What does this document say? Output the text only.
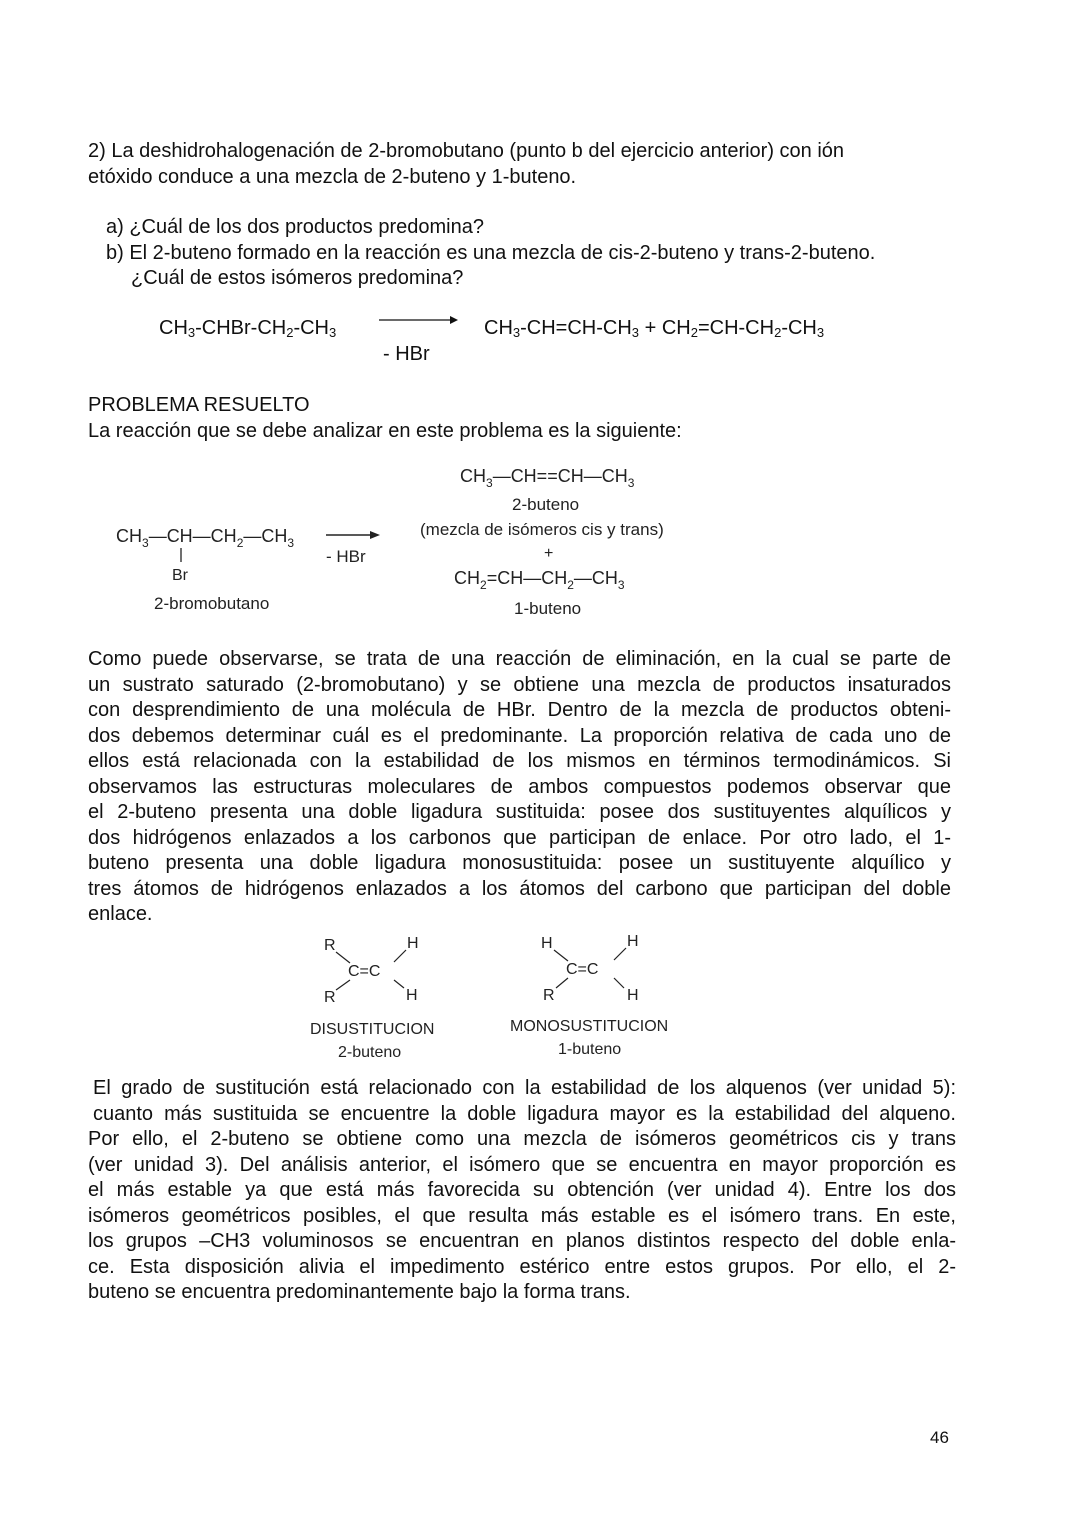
2) La deshidrohalogenación de 2-bromobutano (punto b del ejercicio anterior) con ión
etóxido conduce a una mezcla de 2-buteno y 1-buteno.

a) ¿Cuál de los dos productos predomina?
b) El 2-buteno formado en la reacción es una mezcla de cis-2-buteno y trans-2-buteno.
¿Cuál de estos isómeros predomina?

$CH_3-CHBr-CH_2-CH_3$
- HBr
$CH_3-CH=CH-CH_3 + CH_2=CH-CH_2-CH_3$

PROBLEMA RESUELTO
La reacción que se debe analizar en este problema es la siguiente:

$CH_3—CH==CH—CH_3$
2-buteno
(mezcla de isómeros cis y trans)
$CH_3—CH—CH_2—CH_3$
Br
2-bromobutano
- HBr	+
$CH_2=CH—CH_2—CH_3$
1-buteno
Como puede observarse, se trata de una reacción de eliminación, en la cual se parte de
un sustrato saturado (2-bromobutano) y se obtiene una mezcla de productos insaturados
con desprendimiento de una molécula de HBr. Dentro de la mezcla de productos obteni-
dos debemos determinar cuál es el predominante. La proporción relativa de cada uno de
ellos está relacionada con la estabilidad de los mismos en términos termodinámicos. Si
observamos las estructuras moleculares de ambos compuestos podemos observar que
el 2-buteno presenta una doble ligadura sustituida: posee dos sustituyentes alquílicos y
dos hidrógenos enlazados a los carbonos que participan de enlace. Por otro lado, el 1-
buteno presenta una doble ligadura monosustituida: posee un sustituyente alquílico y
tres átomos de hidrógenos enlazados a los átomos del carbono que participan del doble
enlace.
R	H
C=C
R	H
DISUSTITUCION
2-buteno
H	H
C=C
R	H
MONOSUSTITUCION
1-buteno
El grado de sustitución está relacionado con la estabilidad de los alquenos (ver unidad 5):
cuanto más sustituida se encuentre la doble ligadura mayor es la estabilidad del alqueno.
Por ello, el 2-buteno se obtiene como una mezcla de isómeros geométricos cis y trans
(ver unidad 3). Del análisis anterior, el isómero que se encuentra en mayor proporción es
el más estable ya que está más favorecida su obtención (ver unidad 4). Entre los dos
isómeros geométricos posibles, el que resulta más estable es el isómero trans. En este,
los grupos –CH3 voluminosos se encuentran en planos distintos respecto del doble enla-
ce. Esta disposición alivia el impedimento estérico entre estos grupos. Por ello, el 2-
buteno se encuentra predominantemente bajo la forma trans.
46
